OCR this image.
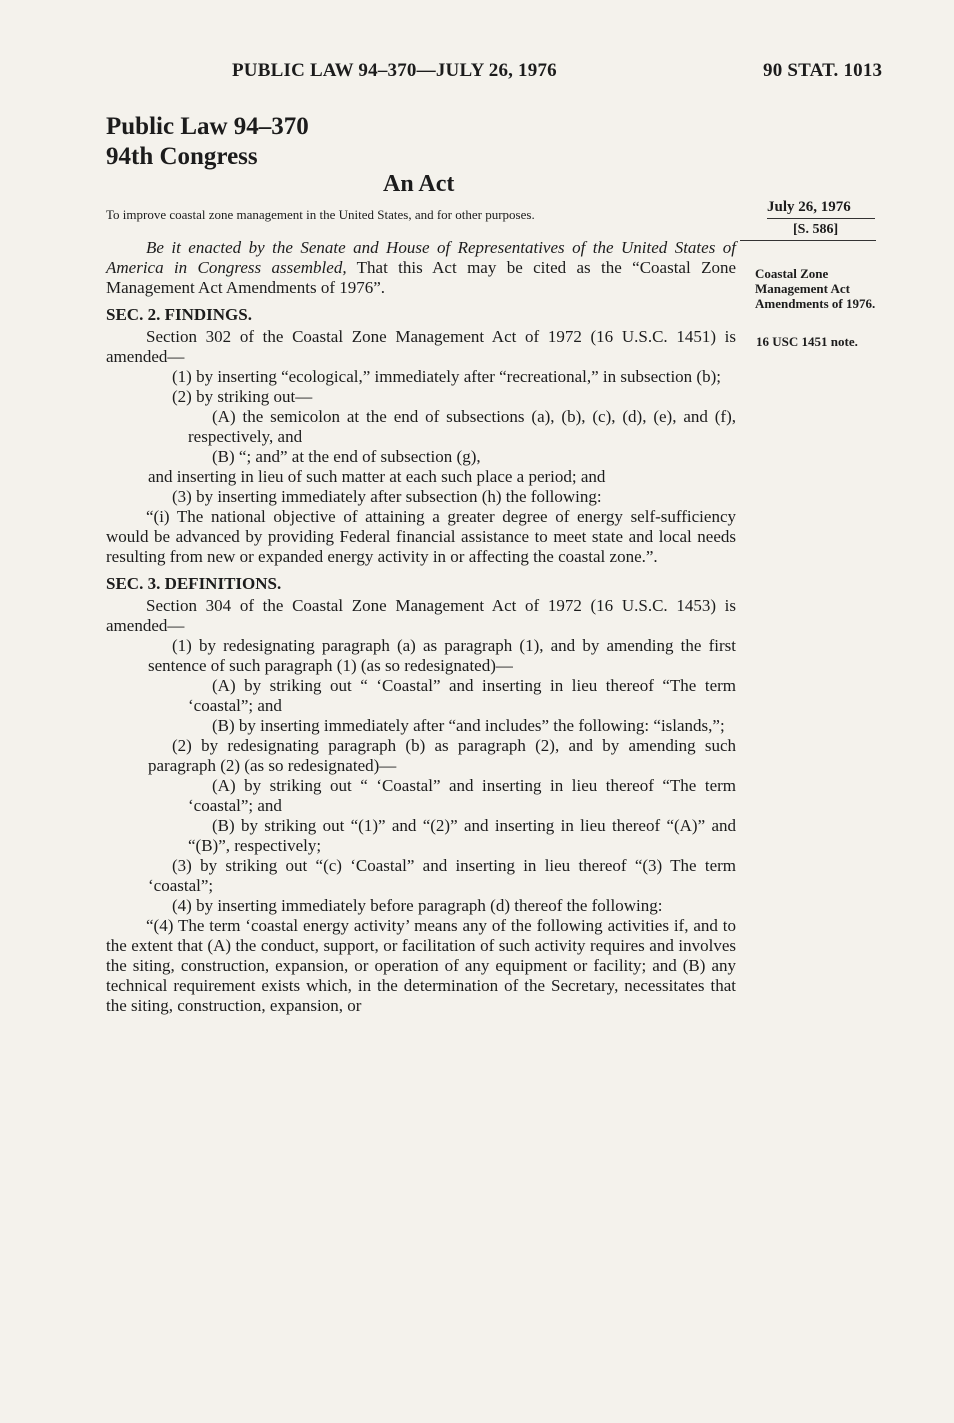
PUBLIC LAW 94–370—JULY 26, 1976	90 STAT. 1013
Public Law 94–370
94th Congress
An Act
To improve coastal zone management in the United States, and for other purposes.	July 26, 1976
[S. 586]
Coastal Zone Management Act Amendments of 1976.
16 USC 1451 note.

Be it enacted by the Senate and House of Representatives of the United States of America in Congress assembled, That this Act may be cited as the “Coastal Zone Management Act Amendments of 1976”.

SEC. 2. FINDINGS.

Section 302 of the Coastal Zone Management Act of 1972 (16 U.S.C. 1451) is amended—

(1) by inserting “ecological,” immediately after “recreational,” in subsection (b);

(2) by striking out—

(A) the semicolon at the end of subsections (a), (b), (c), (d), (e), and (f), respectively, and

(B) “; and” at the end of subsection (g),

and inserting in lieu of such matter at each such place a period; and

(3) by inserting immediately after subsection (h) the following:

“(i) The national objective of attaining a greater degree of energy self-sufficiency would be advanced by providing Federal financial assistance to meet state and local needs resulting from new or expanded energy activity in or affecting the coastal zone.”.

SEC. 3. DEFINITIONS.

Section 304 of the Coastal Zone Management Act of 1972 (16 U.S.C. 1453) is amended—

(1) by redesignating paragraph (a) as paragraph (1), and by amending the first sentence of such paragraph (1) (as so redesignated)—

(A) by striking out “ ‘Coastal” and inserting in lieu thereof “The term ‘coastal”; and

(B) by inserting immediately after “and includes” the following: “islands,”;

(2) by redesignating paragraph (b) as paragraph (2), and by amending such paragraph (2) (as so redesignated)—

(A) by striking out “ ‘Coastal” and inserting in lieu thereof “The term ‘coastal”; and

(B) by striking out “(1)” and “(2)” and inserting in lieu thereof “(A)” and “(B)”, respectively;

(3) by striking out “(c) ‘Coastal” and inserting in lieu thereof “(3) The term ‘coastal”;

(4) by inserting immediately before paragraph (d) thereof the following:

“(4) The term ‘coastal energy activity’ means any of the following activities if, and to the extent that (A) the conduct, support, or facilitation of such activity requires and involves the siting, construction, expansion, or operation of any equipment or facility; and (B) any technical requirement exists which, in the determination of the Secretary, necessitates that the siting, construction, expansion, or
